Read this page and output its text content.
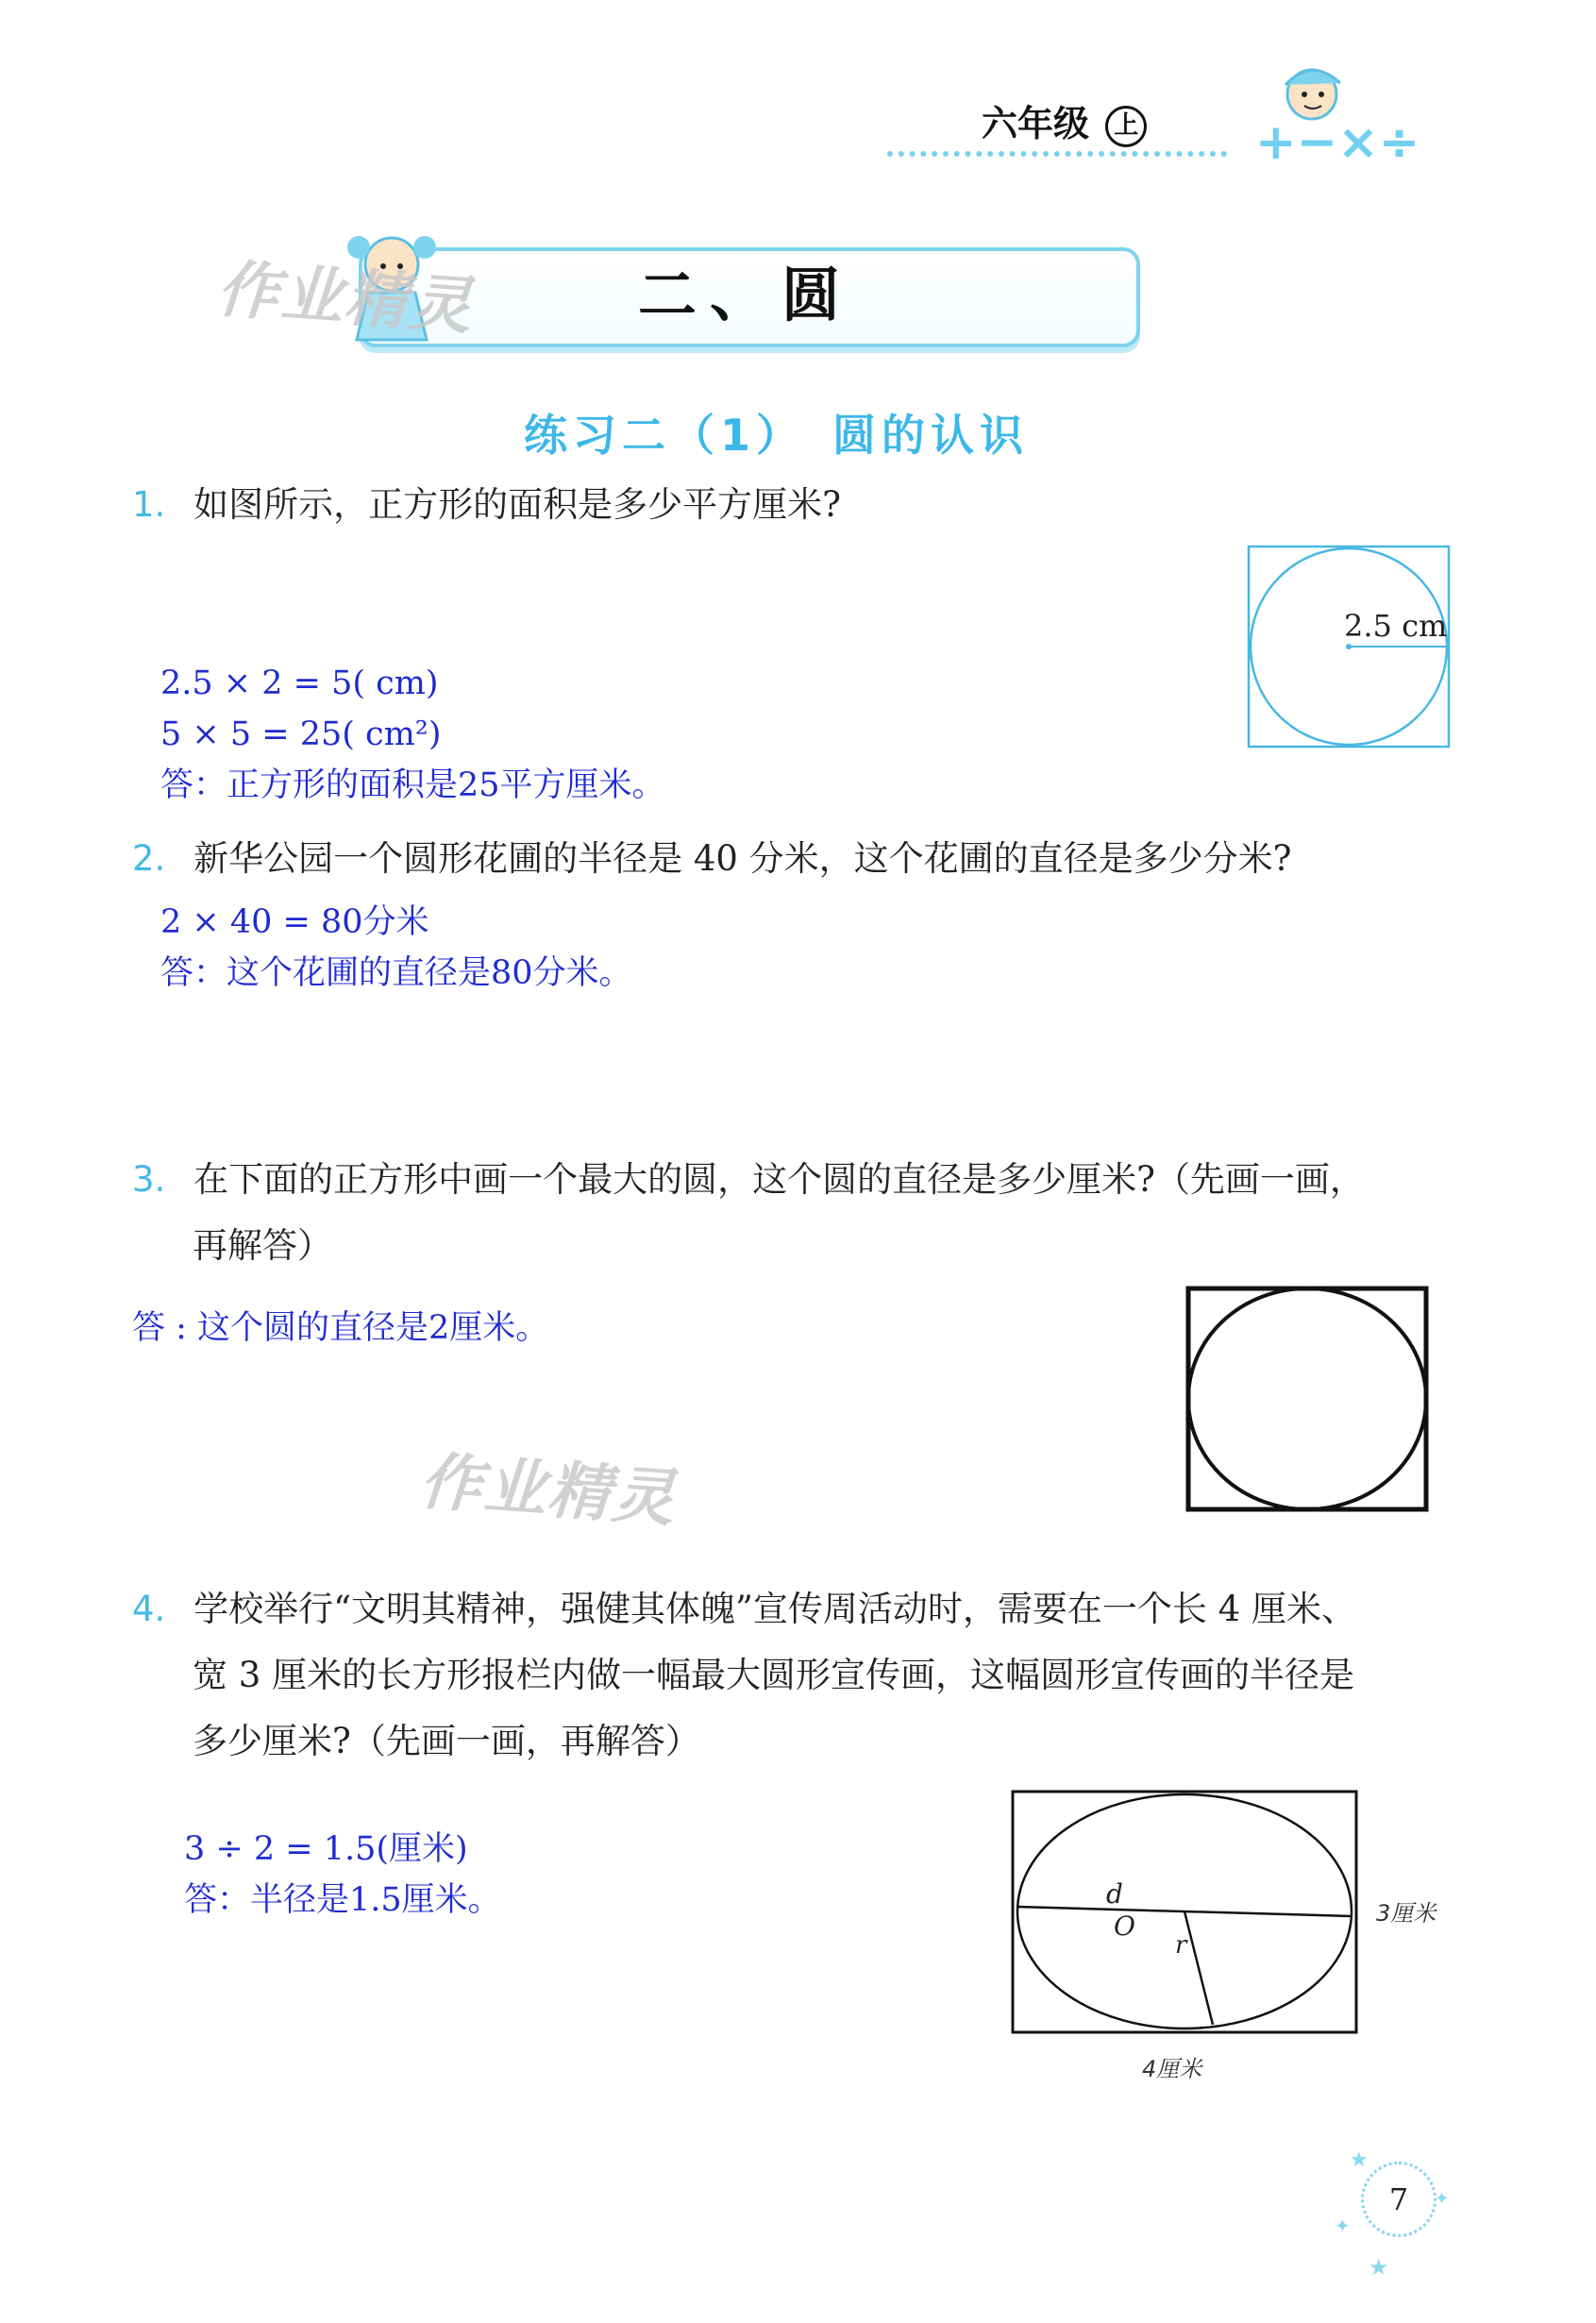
六年级 上 +−×÷
二、圆
作业精灵
练习二（1）　圆的认识
1. 如图所示，正方形的面积是多少平方厘米?
2.5 × 2 = 5( cm)
5 × 5 = 25( cm²)
答：正方形的面积是25平方厘米。
2.5 cm
2. 新华公园一个圆形花圃的半径是 40 分米，这个花圃的直径是多少分米?
2 × 40 = 80分米
答：这个花圃的直径是80分米。
3. 在下面的正方形中画一个最大的圆，这个圆的直径是多少厘米?（先画一画，
再解答）
答 : 这个圆的直径是2厘米。
作业精灵
4. 学校举行“文明其精神，强健其体魄”宣传周活动时，需要在一个长 4 厘米、
宽 3 厘米的长方形报栏内做一幅最大圆形宣传画，这幅圆形宣传画的半径是
多少厘米?（先画一画，再解答）
3 ÷ 2 = 1.5(厘米)
答：半径是1.5厘米。	d
O
r
3厘米
4厘米
★
✦
✦
★
7
